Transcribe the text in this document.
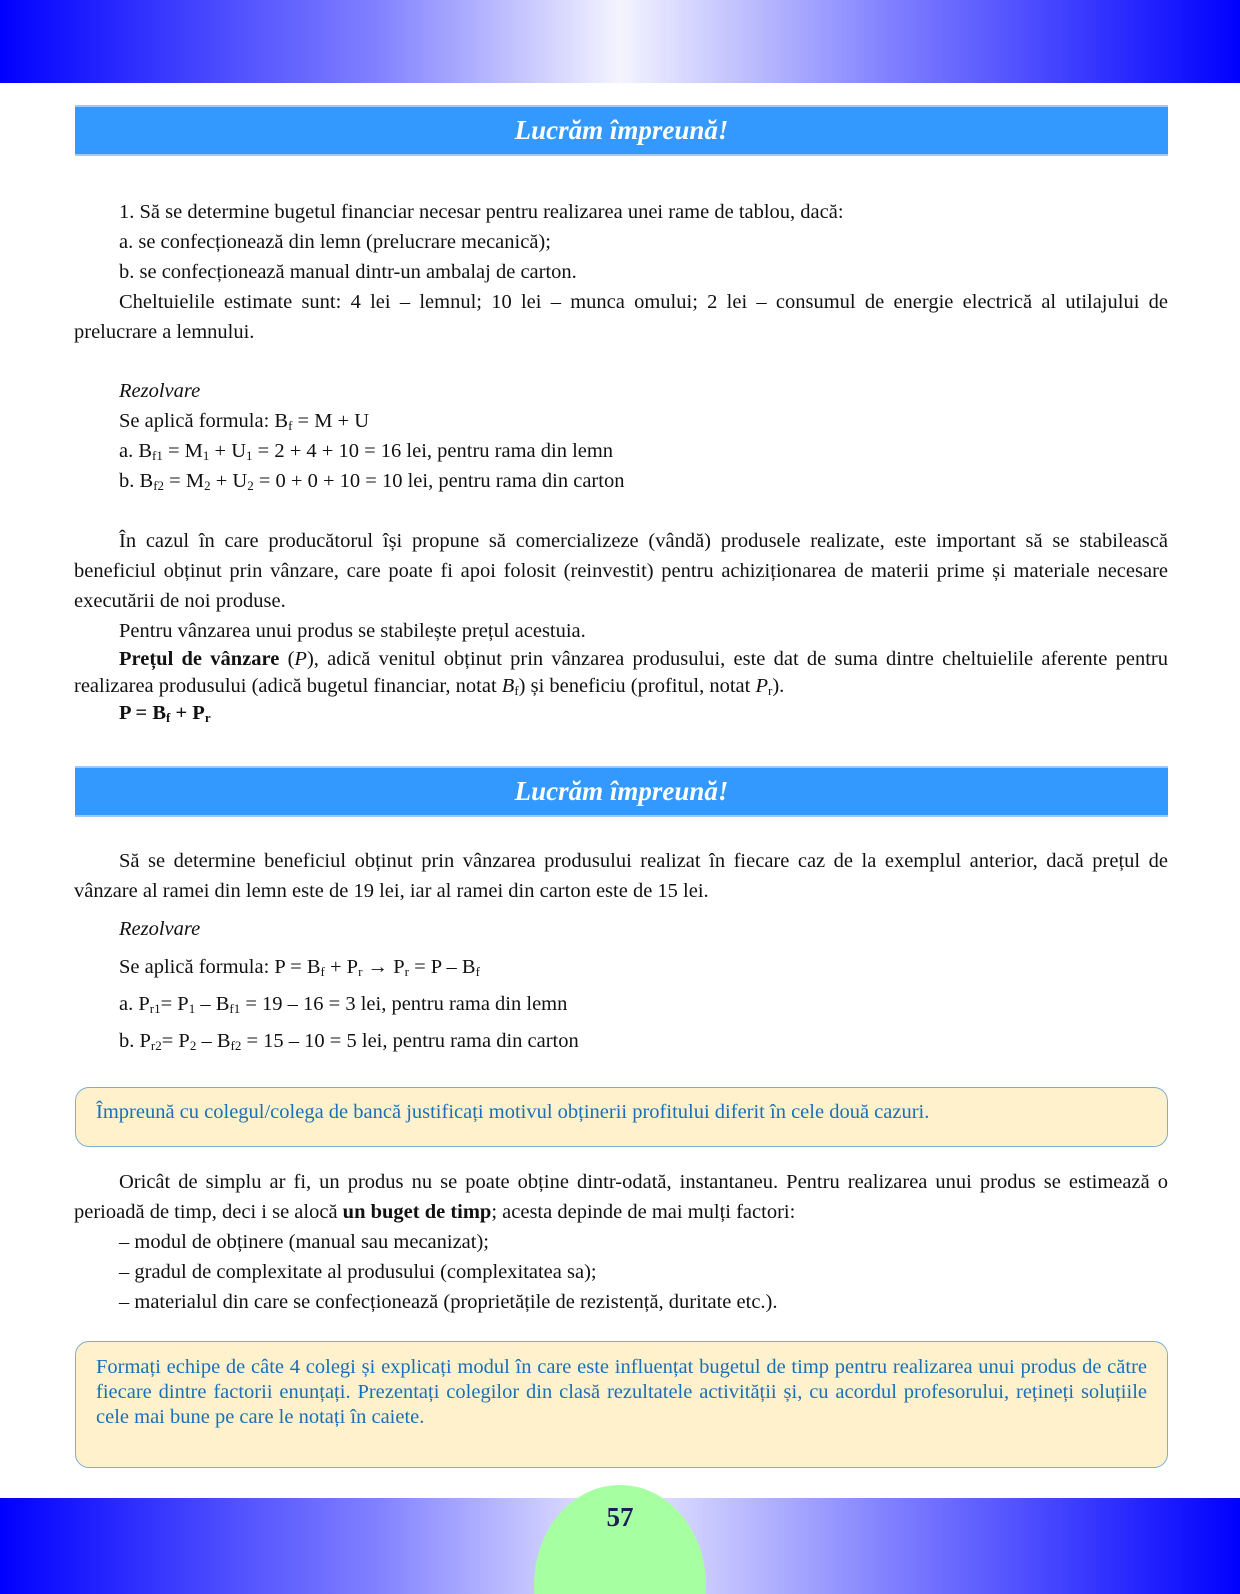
Lucrăm împreună!
1. Să se determine bugetul financiar necesar pentru realizarea unei rame de tablou, dacă:
a. se confecționează din lemn (prelucrare mecanică);
b. se confecționează manual dintr-un ambalaj de carton.
Cheltuielile estimate sunt: 4 lei – lemnul; 10 lei – munca omului; 2 lei – consumul de energie electrică al utilajului de prelucrare a lemnului.
Rezolvare
Se aplică formula: $B_f = M + U$
a. $B_{f1} = M_1 + U_1 = 2 + 4 + 10 = 16$ lei, pentru rama din lemn
b. $B_{f2} = M_2 + U_2 = 0 + 0 + 10 = 10$ lei, pentru rama din carton
În cazul în care producătorul își propune să comercializeze (vândă) produsele realizate, este important să se stabilească beneficiul obținut prin vânzare, care poate fi apoi folosit (reinvestit) pentru achiziționarea de materii prime și materiale necesare executării de noi produse.
Pentru vânzarea unui produs se stabilește prețul acestuia.
Prețul de vânzare (P), adică venitul obținut prin vânzarea produsului, este dat de suma dintre cheltuielile aferente pentru realizarea produsului (adică bugetul financiar, notat $B_f$) și beneficiu (profitul, notat $P_r$).
$P = B_f + P_r$
Lucrăm împreună!
Să se determine beneficiul obținut prin vânzarea produsului realizat în fiecare caz de la exemplul anterior, dacă prețul de vânzare al ramei din lemn este de 19 lei, iar al ramei din carton este de 15 lei.
Rezolvare
Se aplică formula: $P = B_f + P_r \to P_r = P - B_f$
a. $P_{r1}= P_1 - B_{f1} = 19 - 16 = 3$ lei, pentru rama din lemn
b. $P_{r2}= P_2 - B_{f2} = 15 - 10 = 5$ lei, pentru rama din carton
Împreună cu colegul/colega de bancă justificați motivul obținerii profitului diferit în cele două cazuri.
Oricât de simplu ar fi, un produs nu se poate obține dintr-odată, instantaneu. Pentru realizarea unui produs se estimează o perioadă de timp, deci i se alocă un buget de timp; acesta depinde de mai mulți factori:
– modul de obținere (manual sau mecanizat);
– gradul de complexitate al produsului (complexitatea sa);
– materialul din care se confecționează (proprietățile de rezistență, duritate etc.).
Formați echipe de câte 4 colegi și explicați modul în care este influențat bugetul de timp pentru realizarea unui produs de către fiecare dintre factorii enunțați. Prezentați colegilor din clasă rezultatele activității și, cu acordul profesorului, rețineți soluțiile cele mai bune pe care le notați în caiete.
57
